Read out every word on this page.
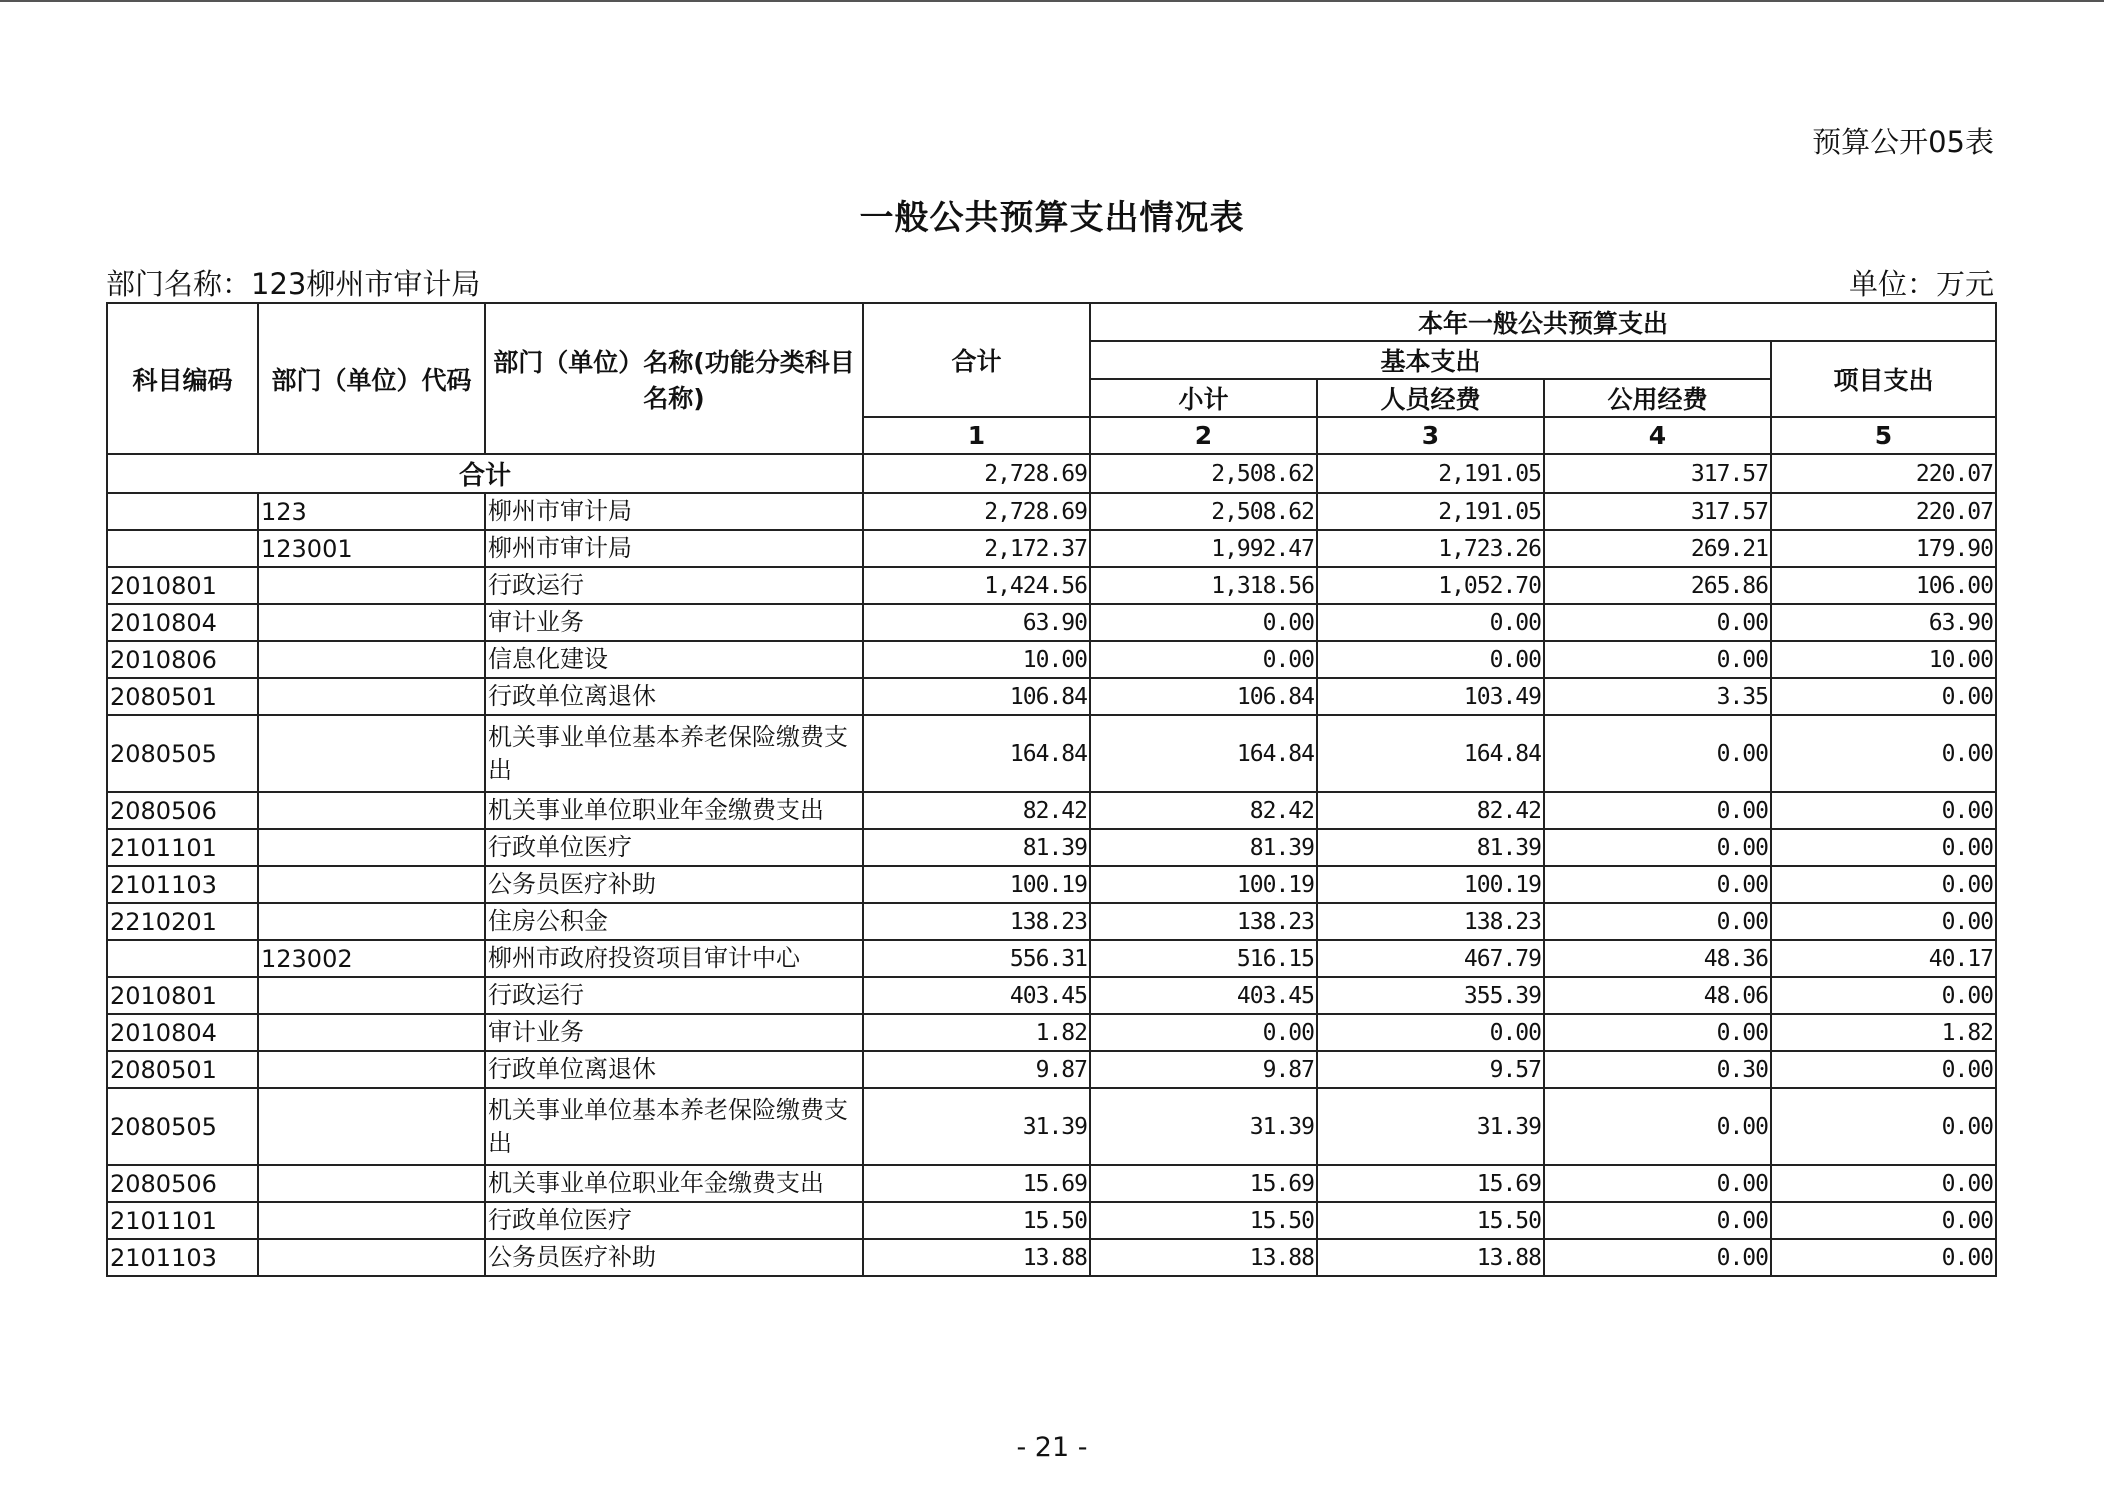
预算公开05表
一般公共预算支出情况表
部门名称：123柳州市审计局	单位：万元
科目编码	部门（单位）代码	部门（单位）名称(功能分类科目名称)	合计	本年一般公共预算支出			
				基本支出			项目支出
				小计	人员经费	公用经费	
			1	2	3	4	5
合计			2,728.69	2,508.62	2,191.05	317.57	220.07
	123	柳州市审计局	2,728.69	2,508.62	2,191.05	317.57	220.07
	123001	柳州市审计局	2,172.37	1,992.47	1,723.26	269.21	179.90
2010801		行政运行	1,424.56	1,318.56	1,052.70	265.86	106.00
2010804		审计业务	63.90	0.00	0.00	0.00	63.90
2010806		信息化建设	10.00	0.00	0.00	0.00	10.00
2080501		行政单位离退休	106.84	106.84	103.49	3.35	0.00
2080505		机关事业单位基本养老保险缴费支出	164.84	164.84	164.84	0.00	0.00
2080506		机关事业单位职业年金缴费支出	82.42	82.42	82.42	0.00	0.00
2101101		行政单位医疗	81.39	81.39	81.39	0.00	0.00
2101103		公务员医疗补助	100.19	100.19	100.19	0.00	0.00
2210201		住房公积金	138.23	138.23	138.23	0.00	0.00
	123002	柳州市政府投资项目审计中心	556.31	516.15	467.79	48.36	40.17
2010801		行政运行	403.45	403.45	355.39	48.06	0.00
2010804		审计业务	1.82	0.00	0.00	0.00	1.82
2080501		行政单位离退休	9.87	9.87	9.57	0.30	0.00
2080505		机关事业单位基本养老保险缴费支出	31.39	31.39	31.39	0.00	0.00
2080506		机关事业单位职业年金缴费支出	15.69	15.69	15.69	0.00	0.00
2101101		行政单位医疗	15.50	15.50	15.50	0.00	0.00
2101103		公务员医疗补助	13.88	13.88	13.88	0.00	0.00
- 21 -
